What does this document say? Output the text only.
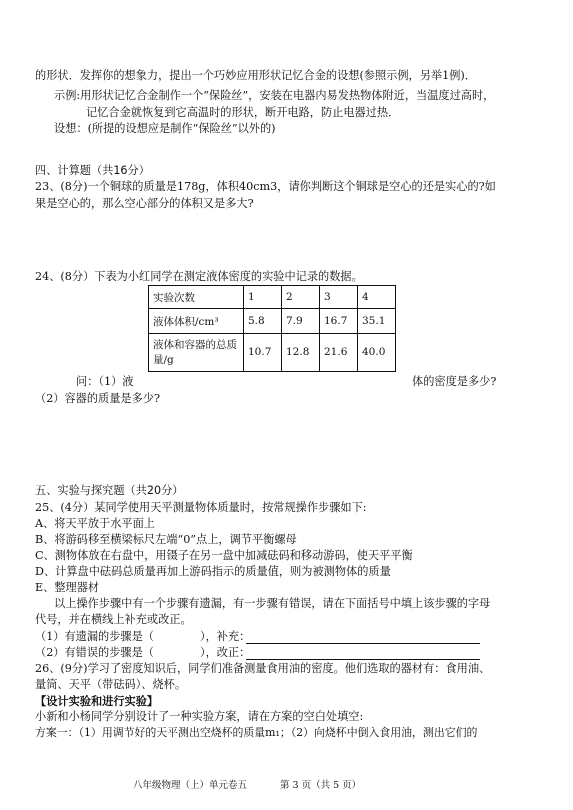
的形状．发挥你的想象力，提出一个巧妙应用形状记忆合金的设想(参照示例，另举1例)．
示例:用形状记忆合金制作一个“保险丝”，安装在电器内易发热物体附近，当温度过高时，
记忆合金就恢复到它高温时的形状，断开电路，防止电器过热．
设想：(所提的设想应是制作“保险丝”以外的)
四、计算题（共16分）
23、(8分)一个铜球的质量是178g，体积40cm3，请你判断这个铜球是空心的还是实心的?如
果是空心的，那么空心部分的体积又是多大?
24、(8分）下表为小红同学在测定液体密度的实验中记录的数据。
实验次数	1	2	3	4
液体体积/cm³	5.8	7.9	16.7	35.1
液体和容器的总质量/g	10.7	12.8	21.6	40.0
问：（1）液	体的密度是多少?
（2）容器的质量是多少?
五、实验与探究题（共20分）
25、(4分）某同学使用天平测量物体质量时，按常规操作步骤如下:
A、将天平放于水平面上
B、将游码移至横梁标尺左端“0”点上，调节平衡螺母
C、测物体放在右盘中，用镊子在另一盘中加减砝码和移动游码，使天平平衡
D、计算盘中砝码总质量再加上游码指示的质量值，则为被测物体的质量
E、整理器材
以上操作步骤中有一个步骤有遗漏，有一步骤有错误，请在下面括号中填上该步骤的字母
代号，并在横线上补充或改正。
（1）有遗漏的步骤是（	），补充：
（2）有错误的步骤是（	），改正：
26、(9分)学习了密度知识后，同学们准备测量食用油的密度。他们选取的器材有：食用油、
量筒、天平（带砝码）、烧杯。
【设计实验和进行实验】
小新和小杨同学分别设计了一种实验方案，请在方案的空白处填空:
方案一：（1）用调节好的天平测出空烧杯的质量m₁；（2）向烧杯中倒入食用油，测出它们的
八年级物理（上）单元卷五	第 3 页（共 5 页）
